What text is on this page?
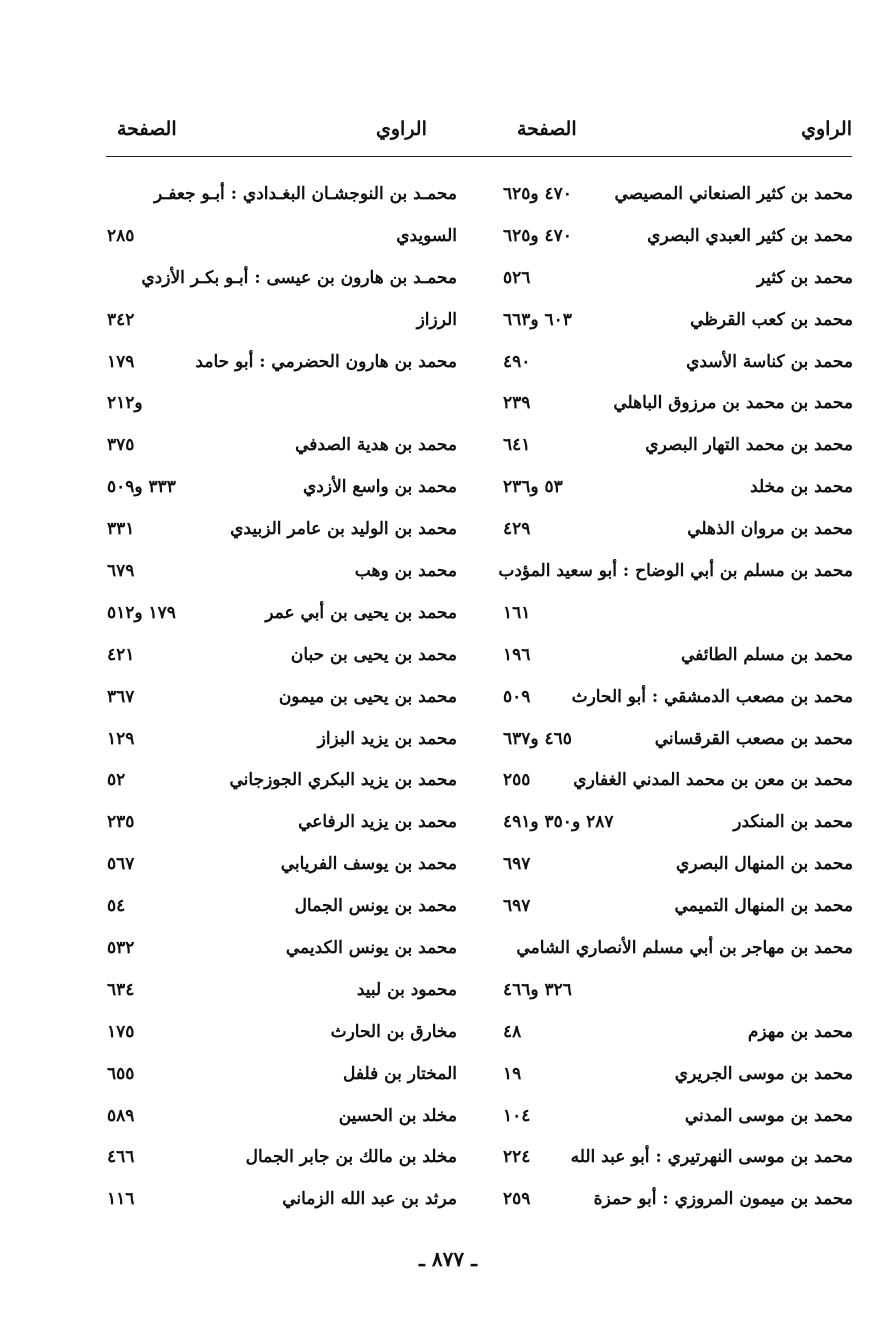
الراوي
الصفحة
الراوي
الصفحة
محمد بن كثير الصنعاني المصيصي
٤٧٠ و٦٢٥
محمد بن كثير العبدي البصري
٤٧٠ و٦٢٥
محمد بن كثير
٥٢٦
محمد بن كعب القرظي
٦٠٣ و٦٦٣
محمد بن كناسة الأسدي
٤٩٠
محمد بن محمد بن مرزوق الباهلي
٢٣٩
محمد بن محمد التهار البصري
٦٤١
محمد بن مخلد
٥٣ و٢٣٦
محمد بن مروان الذهلي
٤٢٩
محمد بن مسلم بن أبي الوضاح : أبو سعيد المؤدب
١٦١
محمد بن مسلم الطائفي
١٩٦
محمد بن مصعب الدمشقي : أبو الحارث
٥٠٩
محمد بن مصعب القرقساني
٤٦٥ و٦٣٧
محمد بن معن بن محمد المدني الغفاري
٢٥٥
محمد بن المنكدر
٢٨٧ و٣٥٠ و٤٩١
محمد بن المنهال البصري
٦٩٧
محمد بن المنهال التميمي
٦٩٧
محمد بن مهاجر بن أبي مسلم الأنصاري الشامي
٣٢٦ و٤٦٦
محمد بن مهزم
٤٨
محمد بن موسى الجريري
١٩
محمد بن موسى المدني
١٠٤
محمد بن موسى النهرتيري : أبو عبد الله
٢٢٤
محمد بن ميمون المروزي : أبو حمزة
٢٥٩
محمـد بن النوجشـان البغـدادي : أبـو جعفـر
السويدي
٢٨٥
محمـد بن هارون بن عيسى : أبـو بكـر الأزدي
الرزاز
٣٤٢
محمد بن هارون الحضرمي : أبو حامد
١٧٩
و٢١٢
محمد بن هدية الصدفي
٣٧٥
محمد بن واسع الأزدي
٣٣٣ و٥٠٩
محمد بن الوليد بن عامر الزبيدي
٣٣١
محمد بن وهب
٦٧٩
محمد بن يحيى بن أبي عمر
١٧٩ و٥١٢
محمد بن يحيى بن حبان
٤٢١
محمد بن يحيى بن ميمون
٣٦٧
محمد بن يزيد البزاز
١٢٩
محمد بن يزيد البكري الجوزجاني
٥٢
محمد بن يزيد الرفاعي
٢٣٥
محمد بن يوسف الفريابي
٥٦٧
محمد بن يونس الجمال
٥٤
محمد بن يونس الكديمي
٥٣٢
محمود بن لبيد
٦٣٤
مخارق بن الحارث
١٧٥
المختار بن فلفل
٦٥٥
مخلد بن الحسين
٥٨٩
مخلد بن مالك بن جابر الجمال
٤٦٦
مرثد بن عبد الله الزماني
١١٦
ـ ٨٧٧ ـ
